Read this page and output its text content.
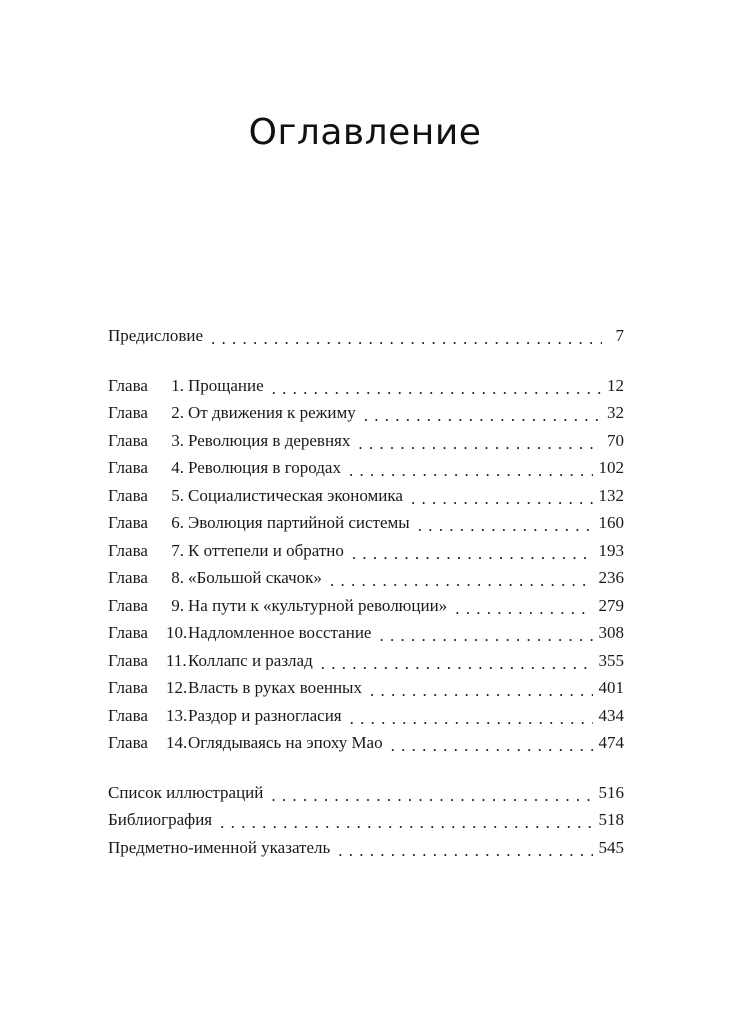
Оглавление
Предисловие . . .	7
Глава	1. Прощание . . .	12
Глава	2. От движения к режиму . . .	32
Глава	3. Революция в деревнях . . .	70
Глава	4. Революция в городах . . .	102
Глава	5. Социалистическая экономика . . .	132
Глава	6. Эволюция партийной системы . . .	160
Глава	7. К оттепели и обратно . . .	193
Глава	8. «Большой скачок» . . .	236
Глава	9. На пути к «культурной революции» . . .	279
Глава	10. Надломленное восстание . . .	308
Глава	11. Коллапс и разлад . . .	355
Глава	12. Власть в руках военных . . .	401
Глава	13. Раздор и разногласия . . .	434
Глава	14. Оглядываясь на эпоху Мао . . .	474
Список иллюстраций . . .	516
Библиография . . .	518
Предметно-именной указатель . . .	545
